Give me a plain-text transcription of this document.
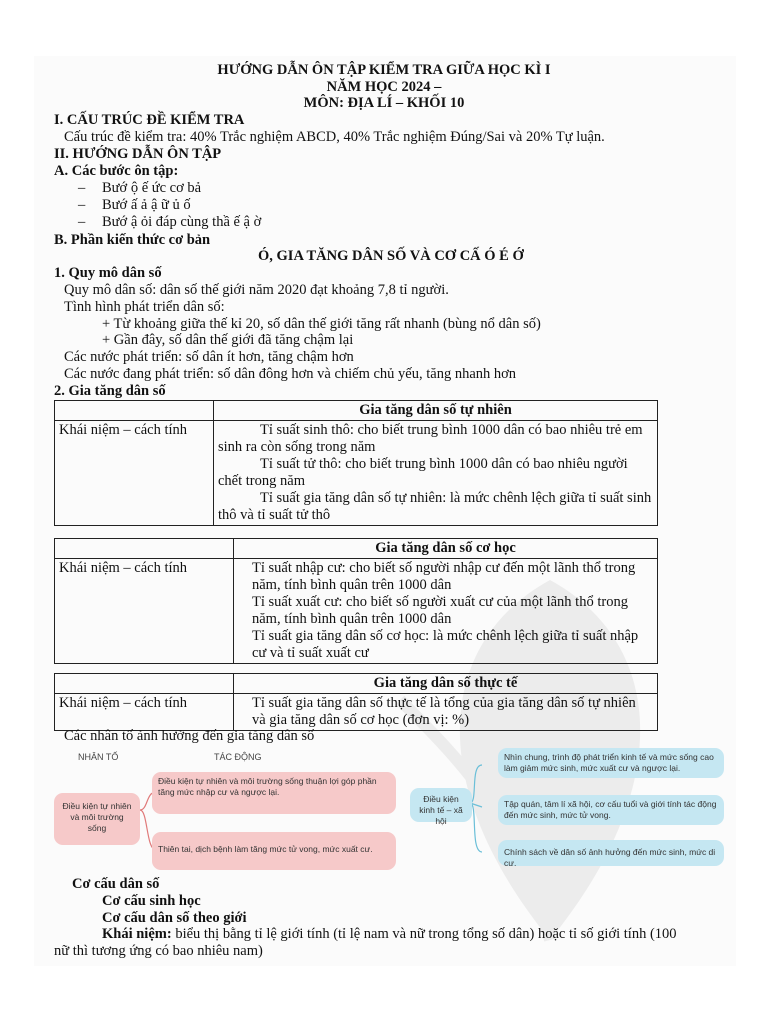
HƯỚNG DẪN ÔN TẬP KIỂM TRA GIỮA HỌC KÌ I
NĂM HỌC 2024 –
MÔN: ĐỊA LÍ – KHỐI 10
I. CẤU TRÚC ĐỀ KIỂM TRA
Cấu trúc đề kiểm tra: 40% Trắc nghiệm ABCD, 40% Trắc nghiệm Đúng/Sai và 20% Tự luận.
II. HƯỚNG DẪN ÔN TẬP
A. Các bước ôn tập:
– Bướ ộ ế ức cơ bả
– Bướ ấ ả ậ ữ ủ ố
– Bướ ậ ỏi đáp cùng thầ ế ậ ờ
B. Phần kiến thức cơ bản
Ó, GIA TĂNG DÂN SỐ VÀ CƠ CẤ Ó É Ớ
1. Quy mô dân số
Quy mô dân số: dân số thế giới năm 2020 đạt khoảng 7,8 tỉ người.
Tình hình phát triển dân số:
+ Từ khoảng giữa thế kỉ 20, số dân thế giới tăng rất nhanh (bùng nổ dân số)
+ Gần đây, số dân thế giới đã tăng chậm lại
Các nước phát triển: số dân ít hơn, tăng chậm hơn
Các nước đang phát triển: số dân đông hơn và chiếm chủ yếu, tăng nhanh hơn
2. Gia tăng dân số
	Gia tăng dân số tự nhiên
Khái niệm – cách tính	Tỉ suất sinh thô: cho biết trung bình 1000 dân có bao nhiêu trẻ em sinh ra còn sống trong năm
Tỉ suất tử thô: cho biết trung bình 1000 dân có bao nhiêu người chết trong năm
Tỉ suất gia tăng dân số tự nhiên: là mức chênh lệch giữa tỉ suất sinh thô và tỉ suất tử thô
	Gia tăng dân số cơ học
Khái niệm – cách tính	Tỉ suất nhập cư: cho biết số người nhập cư đến một lãnh thổ trong năm, tính bình quân trên 1000 dân
Tỉ suất xuất cư: cho biết số người xuất cư của một lãnh thổ trong năm, tính bình quân trên 1000 dân
Tỉ suất gia tăng dân số cơ học: là mức chênh lệch giữa tỉ suất nhập cư và tỉ suất xuất cư
	Gia tăng dân số thực tế
Khái niệm – cách tính	Tỉ suất gia tăng dân số thực tế là tổng của gia tăng dân số tự nhiên và gia tăng dân số cơ học (đơn vị: %)
Các nhân tố ảnh hưởng đến gia tăng dân số
NHÂN TỐ	TÁC ĐỘNG
Điều kiện tự nhiên và môi trường sống
Điều kiện tự nhiên và môi trường sống thuận lợi góp phần tăng mức nhập cư và ngược lại.
Thiên tai, dịch bệnh làm tăng mức tử vong, mức xuất cư.
Điều kiện kinh tế – xã hội
Nhìn chung, trình độ phát triển kinh tế và mức sống cao làm giảm mức sinh, mức xuất cư và ngược lại.
Tập quán, tâm lí xã hội, cơ cấu tuổi và giới tính tác động đến mức sinh, mức tử vong.
Chính sách về dân số ảnh hưởng đến mức sinh, mức di cư.
Cơ cấu dân số
Cơ cấu sinh học
Cơ cấu dân số theo giới
Khái niệm: biểu thị bằng tỉ lệ giới tính (tỉ lệ nam và nữ trong tổng số dân) hoặc tỉ số giới tính (100
nữ thì tương ứng có bao nhiêu nam)
